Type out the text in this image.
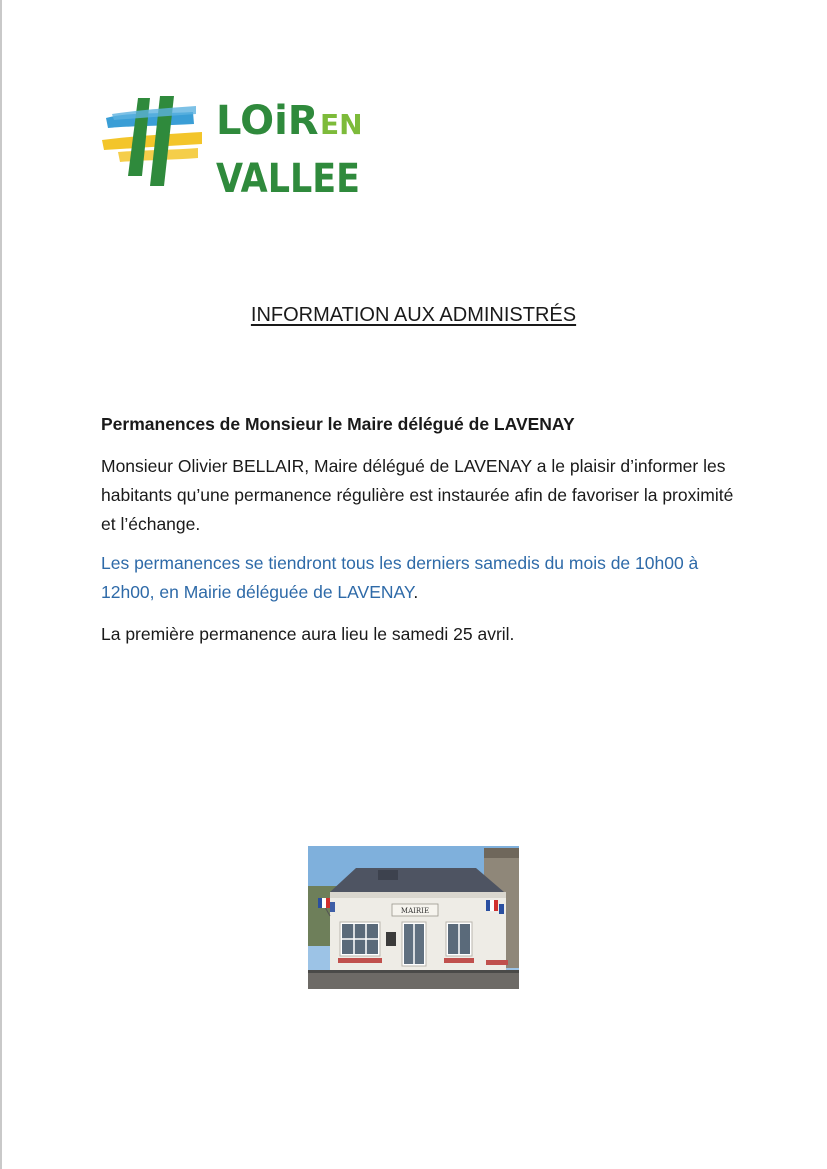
LOiR EN
VALLEE
INFORMATION AUX ADMINISTRÉS
Permanences de Monsieur le Maire délégué de LAVENAY
Monsieur Olivier BELLAIR, Maire délégué de LAVENAY a le plaisir d’informer les habitants qu’une permanence régulière est instaurée afin de favoriser la proximité et l’échange.
Les permanences se tiendront tous les derniers samedis du mois de 10h00 à 12h00, en Mairie déléguée de LAVENAY.
La première permanence aura lieu le samedi 25 avril.
MAIRIE
